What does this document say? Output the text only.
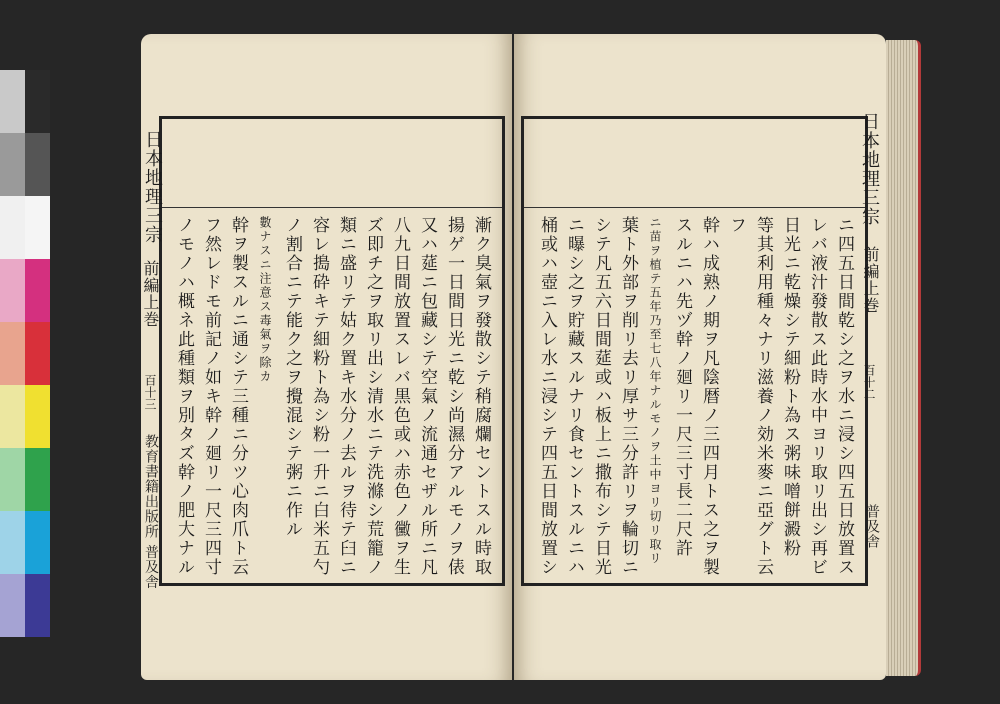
漸ク臭氣ヲ發散シテ稍腐爛セントスル時取
揚ゲ一日間日光ニ乾シ尚濕分アルモノヲ俵
又ハ莚ニ包藏シテ空氣ノ流通セザル所ニ凡
八九日間放置スレバ黒色或ハ赤色ノ黴ヲ生
ズ即チ之ヲ取リ出シ清水ニテ洗滌シ荒籠ノ
類ニ盛リテ姑ク置キ水分ノ去ルヲ待テ臼ニ
容レ搗砕キテ細粉ト為シ粉一升ニ白米五勺
ノ割合ニテ能ク之ヲ攪混シテ粥ニ作ル
數ナスニ注意ス毒氣ヲ除カ
幹ヲ製スルニ通シテ三種ニ分ツ心肉爪ト云
フ然レドモ前記ノ如キ幹ノ廻リ一尺三四寸
ノモノハ概ネ此種類ヲ別タズ幹ノ肥大ナル
日本地理三宗
前編上巻
百十三
教育書籍出版所 普及舎	ニ四五日間乾シ之ヲ水ニ浸シ四五日放置ス
レバ液汁發散ス此時水中ヨリ取リ出シ再ビ
日光ニ乾燥シテ細粉ト為ス粥味噌餅澱粉
等其利用種々ナリ滋養ノ効米麥ニ亞グト云
フ
幹ハ成熟ノ期ヲ凡陰暦ノ三四月トス之ヲ製
スルニハ先ヅ幹ノ廻リ一尺三寸長二尺許
ニ苗ヲ植テ五年乃至七八年ナルモノヲ土中ヨリ切リ取リ
葉ト外部ヲ削リ去リ厚サ三分許リヲ輪切ニ
シテ凡五六日間莚或ハ板上ニ撒布シテ日光
ニ曝シ之ヲ貯藏スルナリ食セントスルニハ
桶或ハ壺ニ入レ水ニ浸シテ四五日間放置シ
日本地理三宗
前編上巻
百十二
普及舎
